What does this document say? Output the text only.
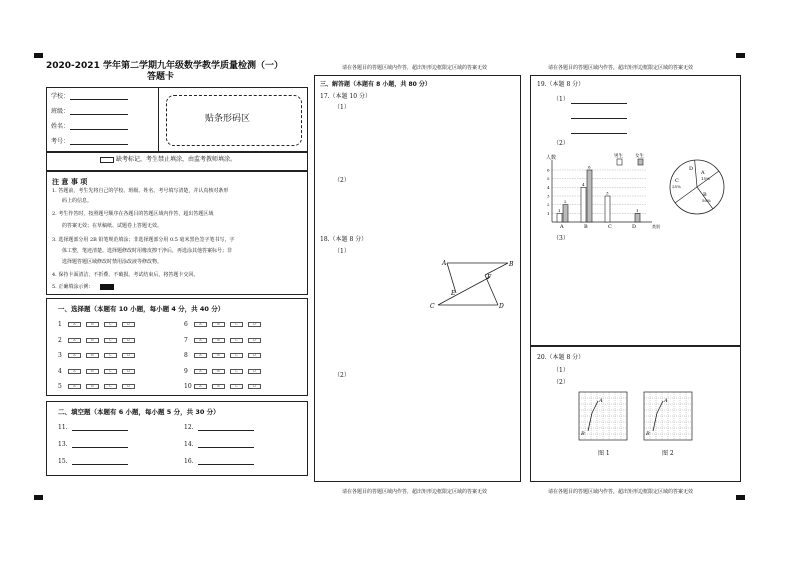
2020-2021 学年第二学期九年级数学教学质量检测（一）
答题卡
学校：
班级：
姓名：
考号：
贴条形码区
缺考标记，考生禁止填涂，由监考教师填涂。
注 意 事 项
1. 答题前，考生先将自己的学校、班级、姓名、考号填写清楚，并认真核对条形
码上的信息。
2. 考生作答时，按照题号顺序在各题目的答题区域内作答，超出答题区域
的答案无效；在草稿纸、试题卷上答题无效。
3. 选择题部分用 2B 铅笔规范填涂；非选择题部分用 0.5 毫米黑色签字笔书写，字
体工整，笔迹清楚。选择题修改时用橡皮擦干净后，再选涂其他答案标号；非
选择题答题区域修改时禁用涂改液等修改物。
4. 保持卡面清洁，不折叠、不破损。考试结束后，将答题卡交回。
5. 正确填涂示例：
一、选择题（本题有 10 小题，每小题 4 分，共 40 分）
1	A	B	C	D
2	A	B	C	D
3	A	B	C	D
4	A	B	C	D
5	A	B	C	D
6	A	B	C	D
7	A	B	C	D
8	A	B	C	D
9	A	B	C	D
10	A	B	C	D
二、填空题（本题有 6 小题，每小题 5 分，共 30 分）
11.	12.
13.	14.
15.	16.
请在各题目的答题区域内作答，超出矩形边框限定区域的答案无效
请在各题目的答题区域内作答，超出矩形边框限定区域的答案无效
三、解答题（本题有 8 小题，共 80 分）
17.（本题 10 分）
（1）
（2）
18.（本题 8 分）
（1）
（2）
A	B
C	D
E
F
请在各题目的答题区域内作答，超出矩形边框限定区域的答案无效
请在各题目的答题区域内作答，超出矩形边框限定区域的答案无效
19.（本题 8 分）
（1）
（2）
（3）
1
2
3
4
5
6
人数
类别
1
2
A
4
6
B
3
C
1
D
男生	女生
A
15%
B
50%
C
25%
D
20.（本题 8 分）
（1）
（2）
A
B
A
B
图 1	图 2
